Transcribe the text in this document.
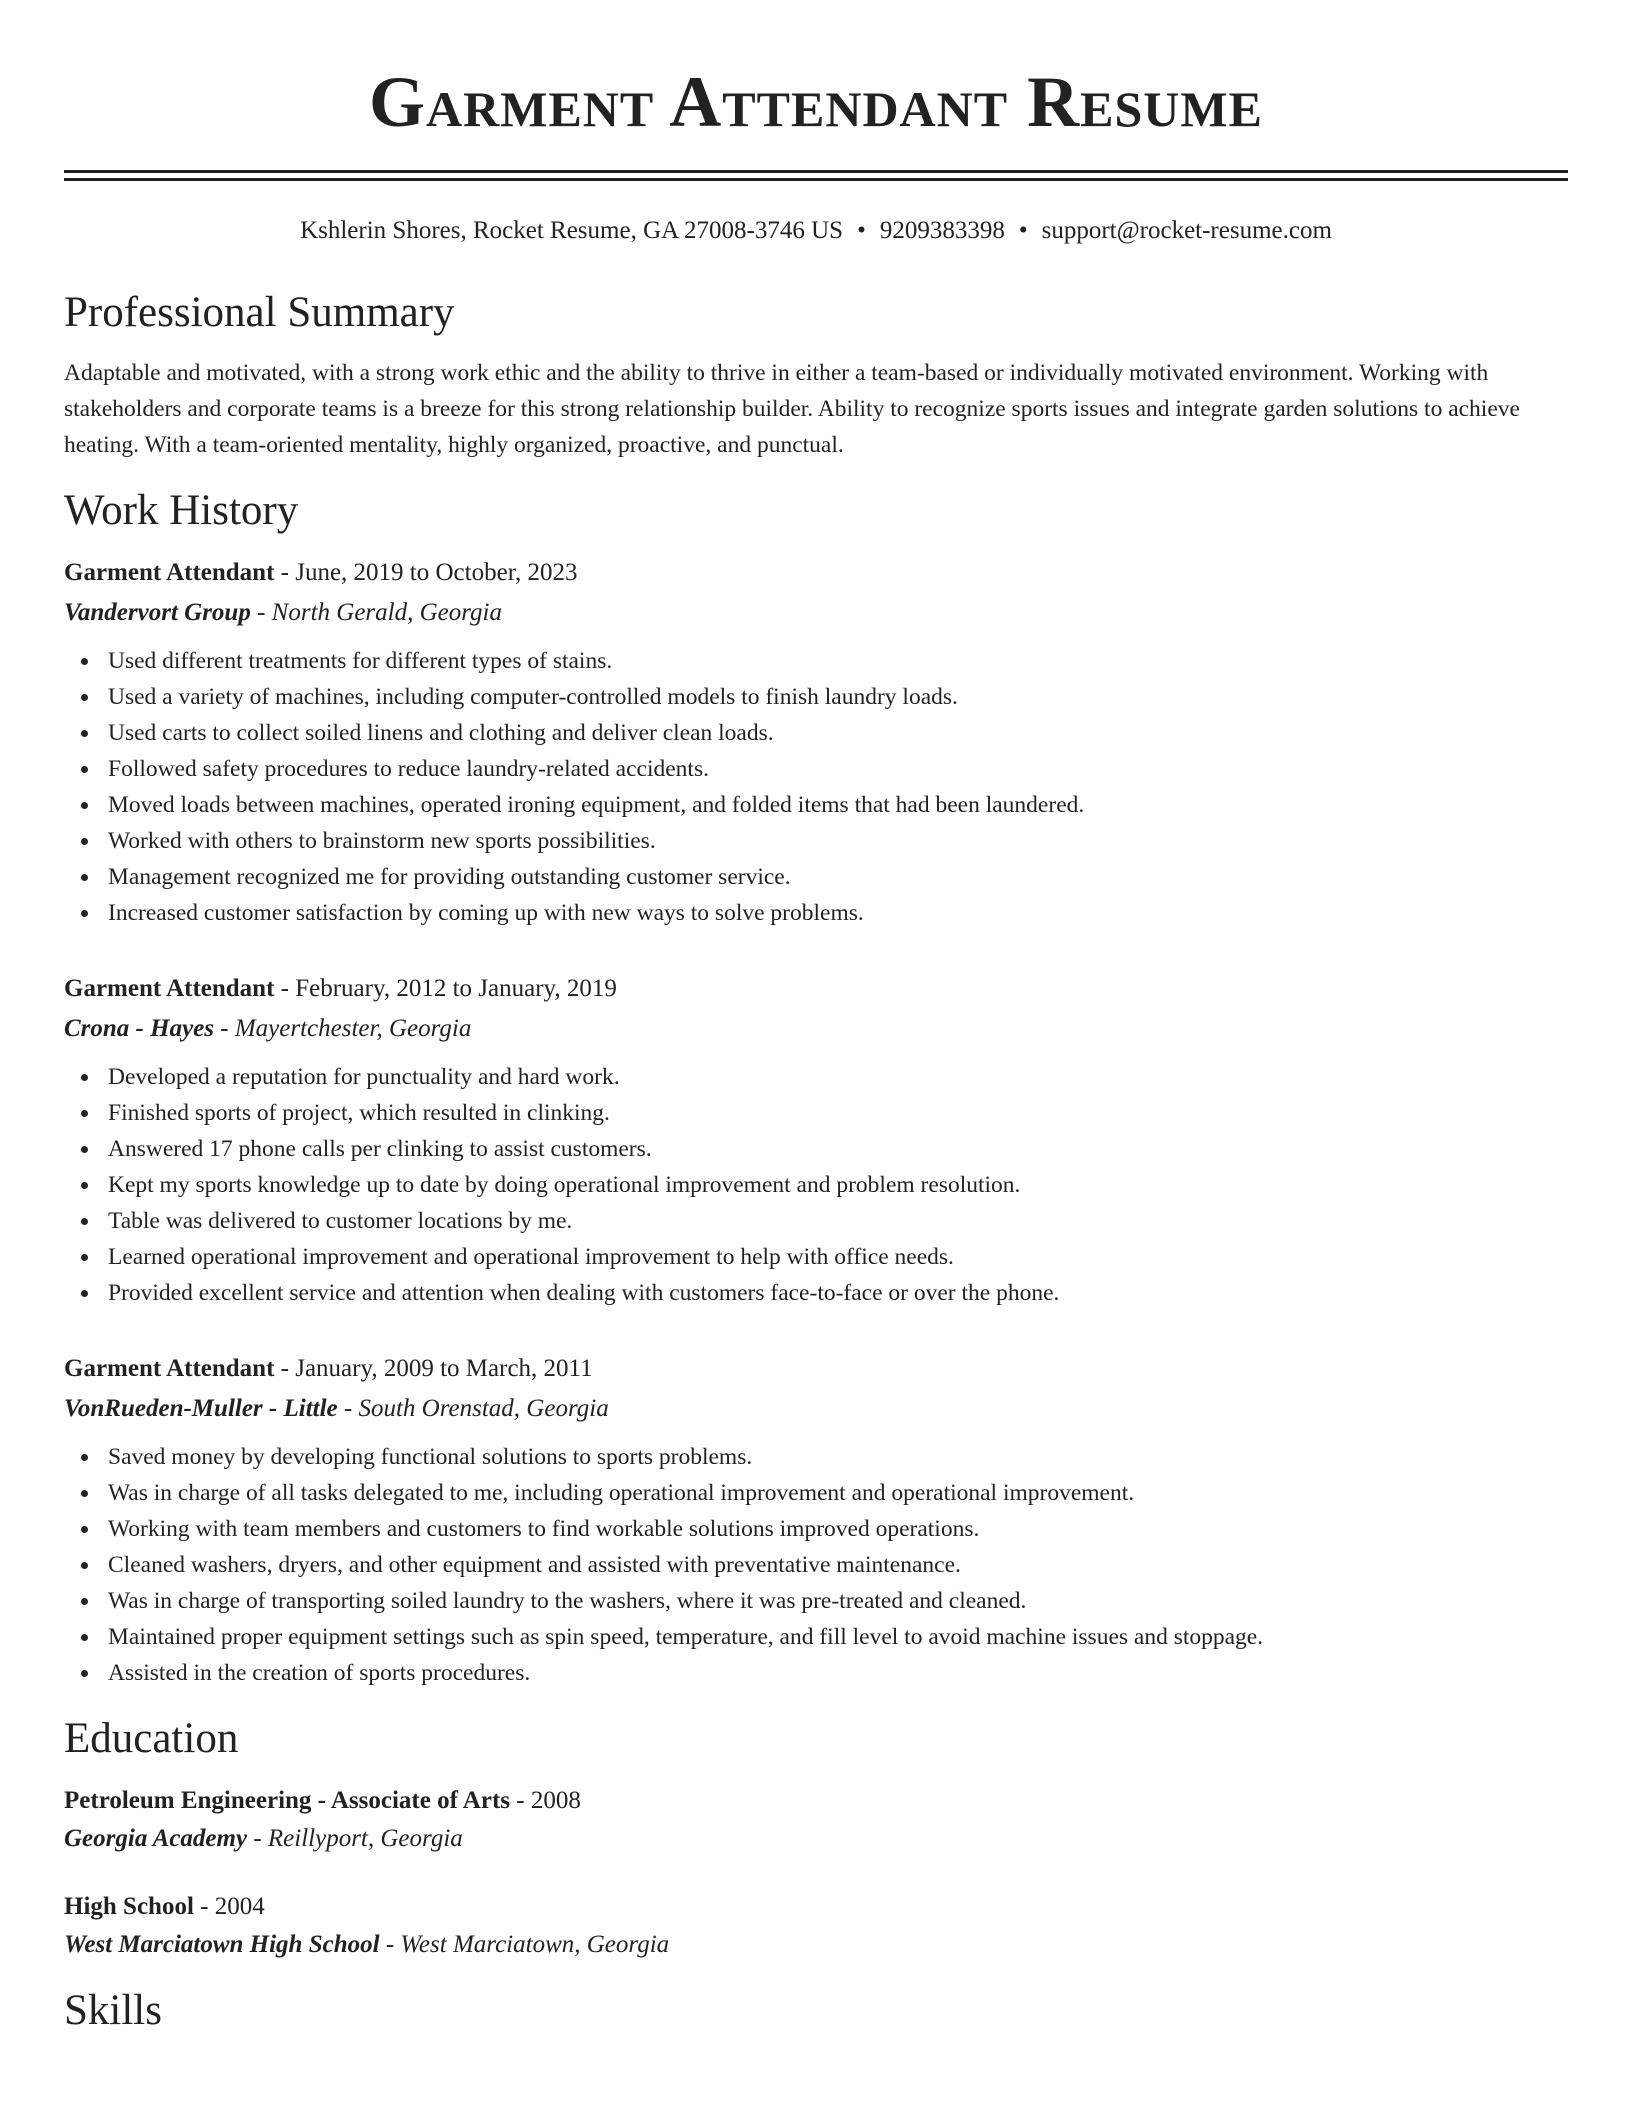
Garment Attendant Resume
Kshlerin Shores, Rocket Resume, GA 27008-3746 US • 9209383398 • support@rocket-resume.com
Professional Summary
Adaptable and motivated, with a strong work ethic and the ability to thrive in either a team-based or individually motivated environment. Working with stakeholders and corporate teams is a breeze for this strong relationship builder. Ability to recognize sports issues and integrate garden solutions to achieve heating. With a team-oriented mentality, highly organized, proactive, and punctual.
Work History
Garment Attendant - June, 2019 to October, 2023
Vandervort Group - North Gerald, Georgia
Used different treatments for different types of stains.
Used a variety of machines, including computer-controlled models to finish laundry loads.
Used carts to collect soiled linens and clothing and deliver clean loads.
Followed safety procedures to reduce laundry-related accidents.
Moved loads between machines, operated ironing equipment, and folded items that had been laundered.
Worked with others to brainstorm new sports possibilities.
Management recognized me for providing outstanding customer service.
Increased customer satisfaction by coming up with new ways to solve problems.
Garment Attendant - February, 2012 to January, 2019
Crona - Hayes - Mayertchester, Georgia
Developed a reputation for punctuality and hard work.
Finished sports of project, which resulted in clinking.
Answered 17 phone calls per clinking to assist customers.
Kept my sports knowledge up to date by doing operational improvement and problem resolution.
Table was delivered to customer locations by me.
Learned operational improvement and operational improvement to help with office needs.
Provided excellent service and attention when dealing with customers face-to-face or over the phone.
Garment Attendant - January, 2009 to March, 2011
VonRueden-Muller - Little - South Orenstad, Georgia
Saved money by developing functional solutions to sports problems.
Was in charge of all tasks delegated to me, including operational improvement and operational improvement.
Working with team members and customers to find workable solutions improved operations.
Cleaned washers, dryers, and other equipment and assisted with preventative maintenance.
Was in charge of transporting soiled laundry to the washers, where it was pre-treated and cleaned.
Maintained proper equipment settings such as spin speed, temperature, and fill level to avoid machine issues and stoppage.
Assisted in the creation of sports procedures.
Education
Petroleum Engineering - Associate of Arts - 2008
Georgia Academy - Reillyport, Georgia
High School - 2004
West Marciatown High School - West Marciatown, Georgia
Skills
